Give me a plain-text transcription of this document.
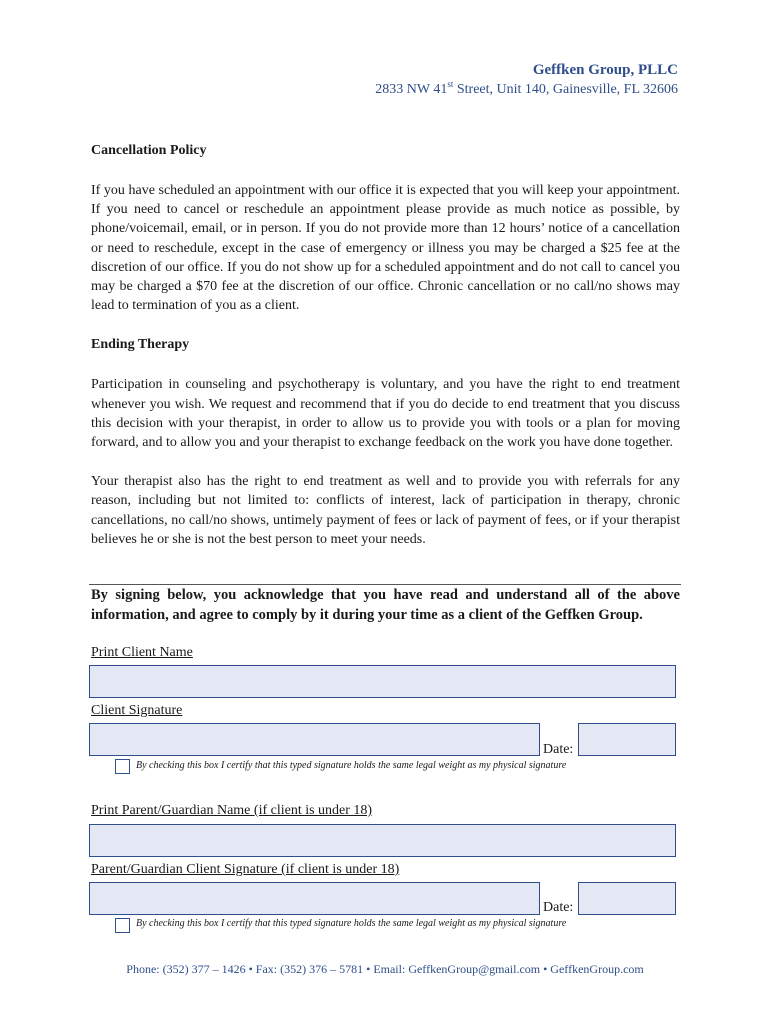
Geffken Group, PLLC
2833 NW 41st Street, Unit 140, Gainesville, FL 32606

Cancellation Policy

If you have scheduled an appointment with our office it is expected that you will keep your appointment. If you need to cancel or reschedule an appointment please provide as much notice as possible, by phone/voicemail, email, or in person. If you do not provide more than 12 hours’ notice of a cancellation or need to reschedule, except in the case of emergency or illness you may be charged a $25 fee at the discretion of our office. If you do not show up for a scheduled appointment and do not call to cancel you may be charged a $70 fee at the discretion of our office. Chronic cancellation or no call/no shows may lead to termination of you as a client.

Ending Therapy

Participation in counseling and psychotherapy is voluntary, and you have the right to end treatment whenever you wish. We request and recommend that if you do decide to end treatment that you discuss this decision with your therapist, in order to allow us to provide you with tools or a plan for moving forward, and to allow you and your therapist to exchange feedback on the work you have done together.

Your therapist also has the right to end treatment as well and to provide you with referrals for any reason, including but not limited to: conflicts of interest, lack of participation in therapy, chronic cancellations, no call/no shows, untimely payment of fees or lack of payment of fees, or if your therapist believes he or she is not the best person to meet your needs.

By signing below, you acknowledge that you have read and understand all of the above information, and agree to comply by it during your time as a client of the Geffken Group.

Print Client Name
Client Signature
Date:
By checking this box I certify that this typed signature holds the same legal weight as my physical signature
Print Parent/Guardian Name (if client is under 18)
Parent/Guardian Client Signature (if client is under 18)
Date:
By checking this box I certify that this typed signature holds the same legal weight as my physical signature
Phone: (352) 377 – 1426 • Fax: (352) 376 – 5781 • Email: GeffkenGroup@gmail.com • GeffkenGroup.com
